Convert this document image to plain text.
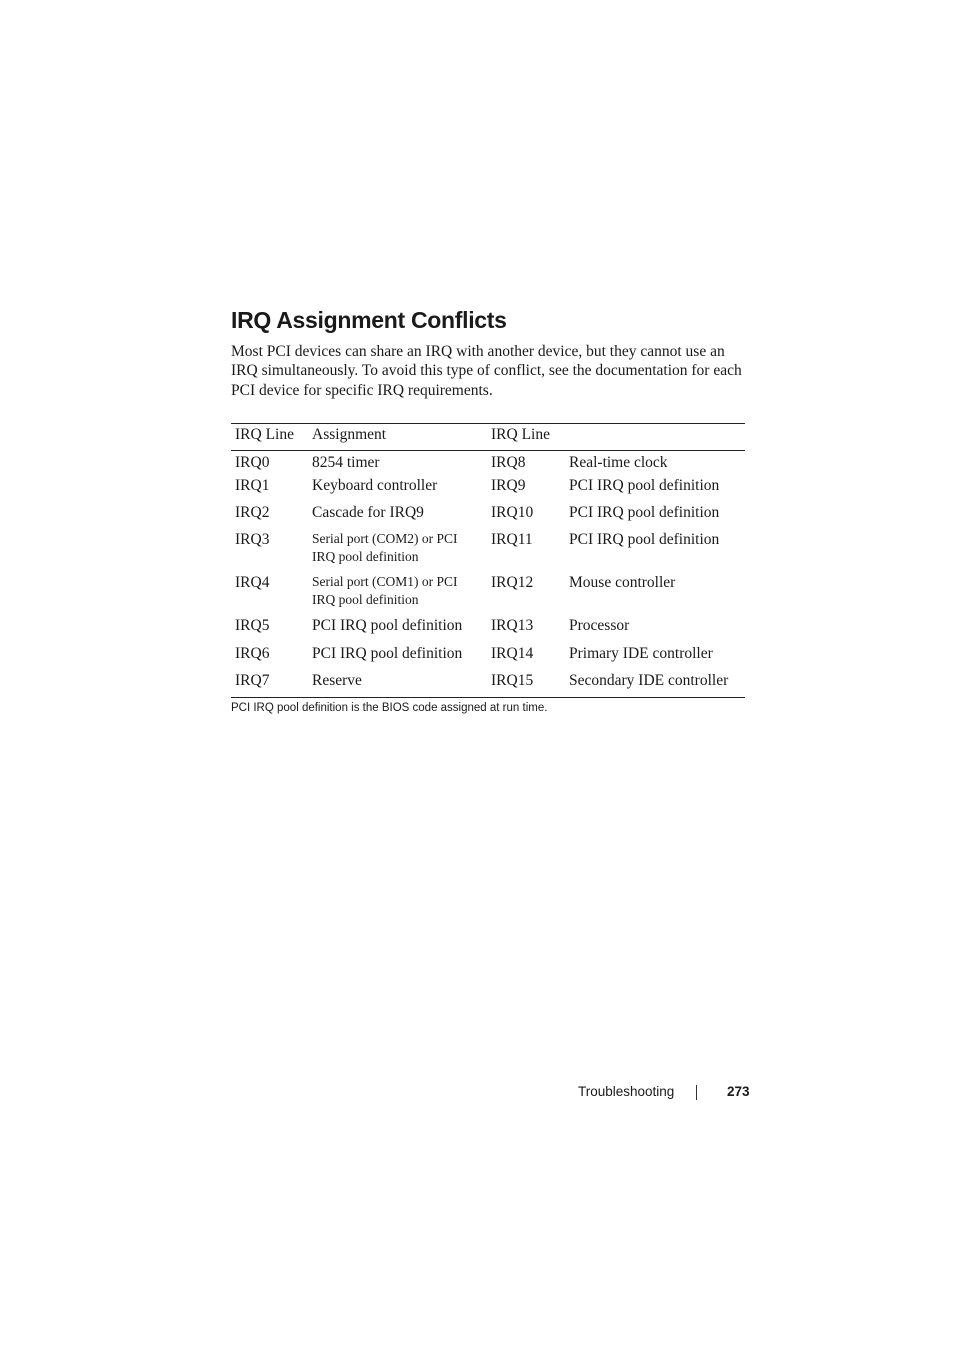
IRQ Assignment Conflicts

Most PCI devices can share an IRQ with another device, but they cannot use an IRQ simultaneously. To avoid this type of conflict, see the documentation for each PCI device for specific IRQ requirements.

IRQ Line	Assignment	IRQ Line	
IRQ0	8254 timer	IRQ8	Real-time clock
IRQ1	Keyboard controller	IRQ9	PCI IRQ pool definition
IRQ2	Cascade for IRQ9	IRQ10	PCI IRQ pool definition
IRQ3	Serial port (COM2) or PCI IRQ pool definition	IRQ11	PCI IRQ pool definition
IRQ4	Serial port (COM1) or PCI IRQ pool definition	IRQ12	Mouse controller
IRQ5	PCI IRQ pool definition	IRQ13	Processor
IRQ6	PCI IRQ pool definition	IRQ14	Primary IDE controller
IRQ7	Reserve	IRQ15	Secondary IDE controller

PCI IRQ pool definition is the BIOS code assigned at run time.

Troubleshooting	273
